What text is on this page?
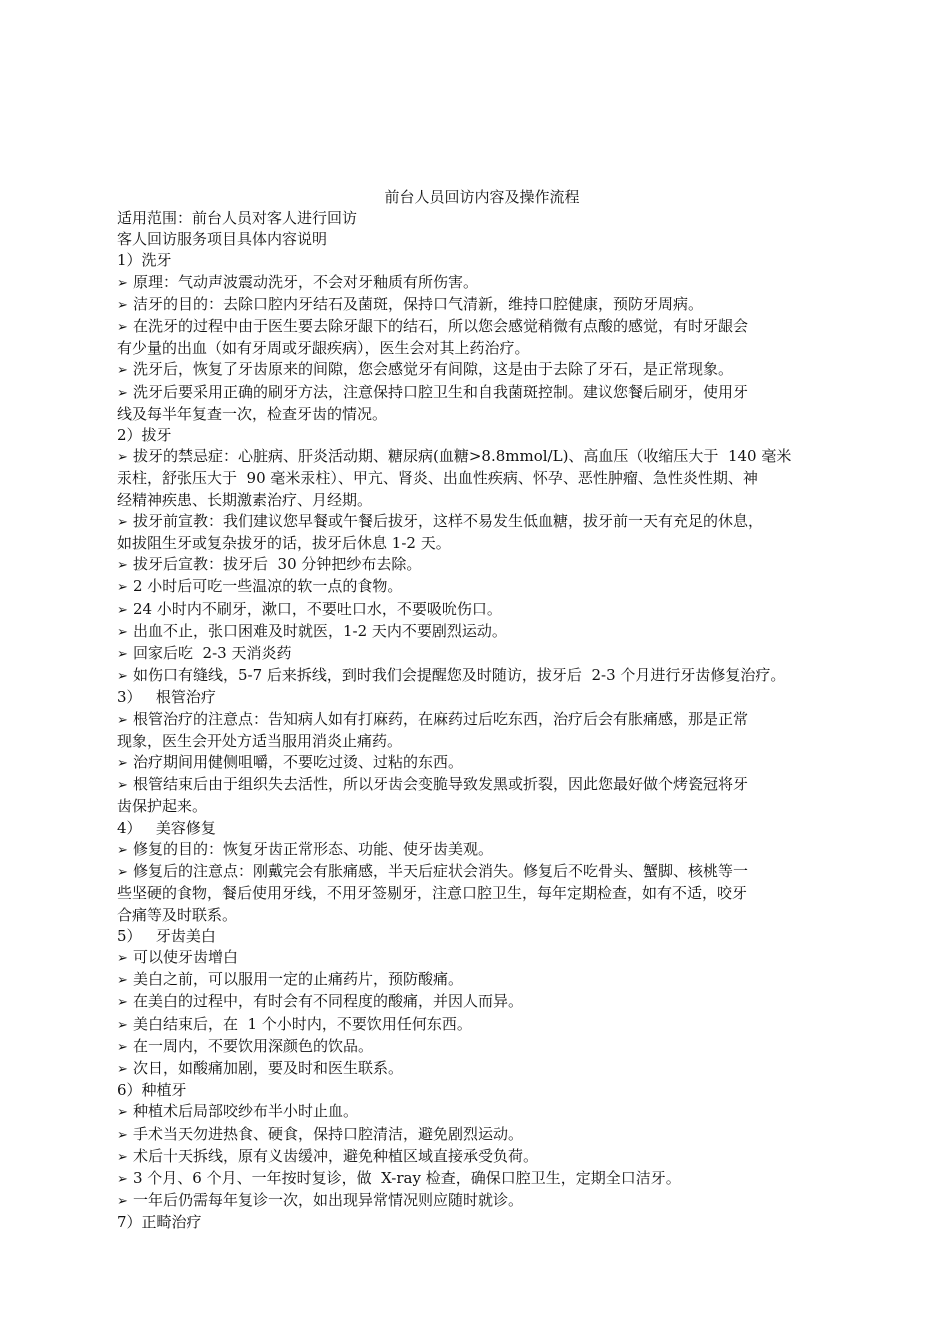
前台人员回访内容及操作流程
适用范围：前台人员对客人进行回访
客人回访服务项目具体内容说明
1）洗牙
➢ 原理：气动声波震动洗牙，不会对牙釉质有所伤害。
➢ 洁牙的目的：去除口腔内牙结石及菌斑，保持口气清新，维持口腔健康，预防牙周病。
➢ 在洗牙的过程中由于医生要去除牙龈下的结石，所以您会感觉稍微有点酸的感觉，有时牙龈会
有少量的出血（如有牙周或牙龈疾病），医生会对其上药治疗。
➢ 洗牙后，恢复了牙齿原来的间隙，您会感觉牙有间隙，这是由于去除了牙石，是正常现象。
➢ 洗牙后要采用正确的刷牙方法，注意保持口腔卫生和自我菌斑控制。建议您餐后刷牙，使用牙
线及每半年复查一次，检查牙齿的情况。
2）拔牙
➢ 拔牙的禁忌症：心脏病、肝炎活动期、糖尿病(血糖>8.8mmol/L)、高血压（收缩压大于  140 毫米
汞柱，舒张压大于  90 毫米汞柱）、甲亢、肾炎、出血性疾病、怀孕、恶性肿瘤、急性炎性期、神
经精神疾患、长期激素治疗、月经期。
➢ 拔牙前宣教：我们建议您早餐或午餐后拔牙，这样不易发生低血糖，拔牙前一天有充足的休息，
如拔阻生牙或复杂拔牙的话，拔牙后休息 1-2 天。
➢ 拔牙后宣教：拔牙后  30 分钟把纱布去除。
➢ 2 小时后可吃一些温凉的软一点的食物。
➢ 24 小时内不刷牙，漱口，不要吐口水，不要吸吮伤口。
➢ 出血不止，张口困难及时就医，1-2 天内不要剧烈运动。
➢ 回家后吃  2-3 天消炎药
➢ 如伤口有缝线，5-7 后来拆线，到时我们会提醒您及时随访，拔牙后  2-3 个月进行牙齿修复治疗。
3）   根管治疗
➢ 根管治疗的注意点：告知病人如有打麻药，在麻药过后吃东西，治疗后会有胀痛感，那是正常
现象，医生会开处方适当服用消炎止痛药。
➢ 治疗期间用健侧咀嚼，不要吃过烫、过粘的东西。
➢ 根管结束后由于组织失去活性，所以牙齿会变脆导致发黑或折裂，因此您最好做个烤瓷冠将牙
齿保护起来。
4）   美容修复
➢ 修复的目的：恢复牙齿正常形态、功能、使牙齿美观。
➢ 修复后的注意点：刚戴完会有胀痛感，半天后症状会消失。修复后不吃骨头、蟹脚、核桃等一
些坚硬的食物，餐后使用牙线，不用牙签剔牙，注意口腔卫生，每年定期检查，如有不适，咬牙
合痛等及时联系。
5）   牙齿美白
➢ 可以使牙齿增白
➢ 美白之前，可以服用一定的止痛药片，预防酸痛。
➢ 在美白的过程中，有时会有不同程度的酸痛，并因人而异。
➢ 美白结束后，在  1 个小时内，不要饮用任何东西。
➢ 在一周内，不要饮用深颜色的饮品。
➢ 次日，如酸痛加剧，要及时和医生联系。
6）种植牙
➢ 种植术后局部咬纱布半小时止血。
➢ 手术当天勿进热食、硬食，保持口腔清洁，避免剧烈运动。
➢ 术后十天拆线，原有义齿缓冲，避免种植区域直接承受负荷。
➢ 3 个月、6 个月、一年按时复诊，做  X-ray 检查，确保口腔卫生，定期全口洁牙。
➢ 一年后仍需每年复诊一次，如出现异常情况则应随时就诊。
7）正畸治疗
